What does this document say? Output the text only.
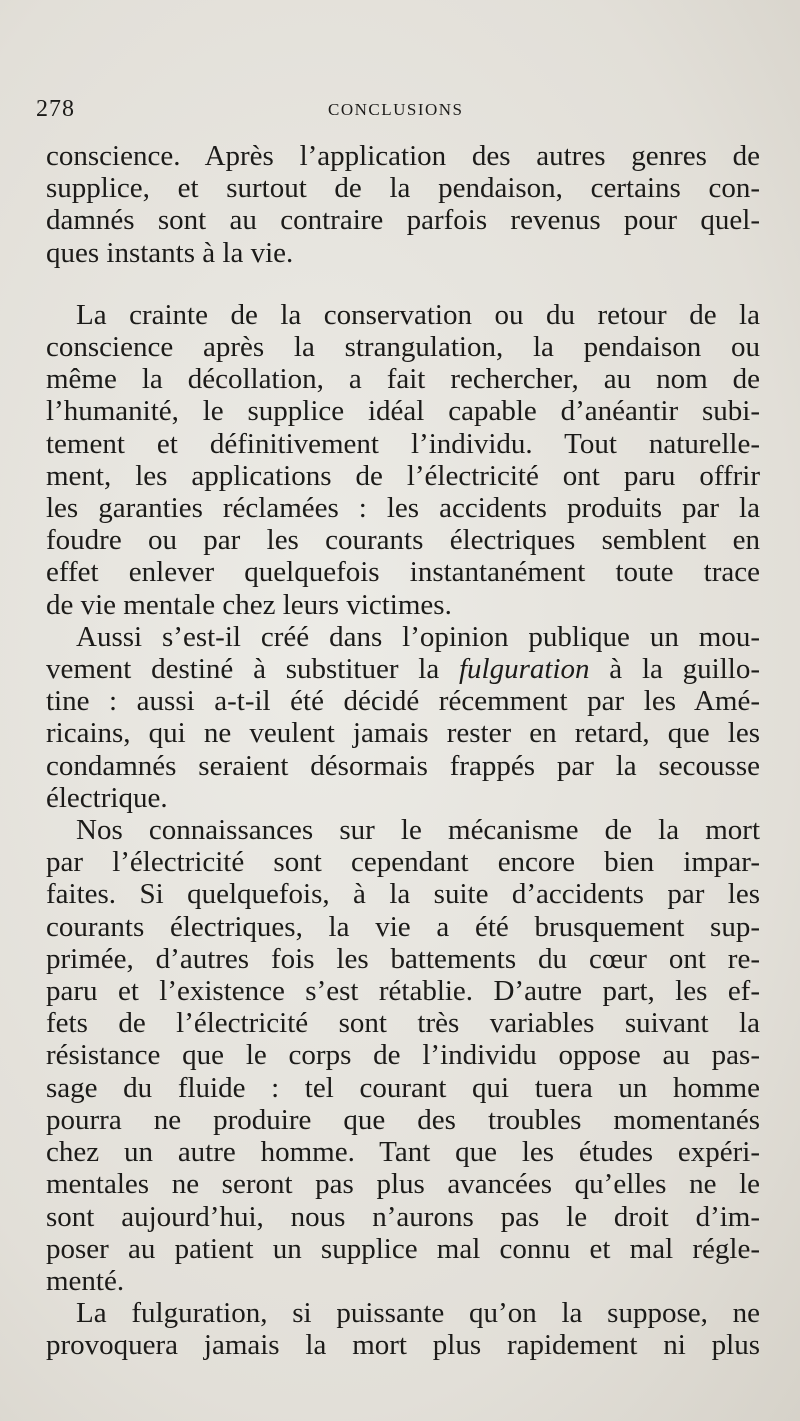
278	CONCLUSIONS
conscience. Après l’application des autres genres de
supplice, et surtout de la pendaison, certains con-
damnés sont au contraire parfois revenus pour quel-
ques instants à la vie.
La crainte de la conservation ou du retour de la
conscience après la strangulation, la pendaison ou
même la décollation, a fait rechercher, au nom de
l’humanité, le supplice idéal capable d’anéantir subi-
tement et définitivement l’individu. Tout naturelle-
ment, les applications de l’électricité ont paru offrir
les garanties réclamées : les accidents produits par la
foudre ou par les courants électriques semblent en
effet enlever quelquefois instantanément toute trace
de vie mentale chez leurs victimes.
Aussi s’est-il créé dans l’opinion publique un mou-
vement destiné à substituer la fulguration à la guillo-
tine : aussi a-t-il été décidé récemment par les Amé-
ricains, qui ne veulent jamais rester en retard, que les
condamnés seraient désormais frappés par la secousse
électrique.
Nos connaissances sur le mécanisme de la mort
par l’électricité sont cependant encore bien impar-
faites. Si quelquefois, à la suite d’accidents par les
courants électriques, la vie a été brusquement sup-
primée, d’autres fois les battements du cœur ont re-
paru et l’existence s’est rétablie. D’autre part, les ef-
fets de l’électricité sont très variables suivant la
résistance que le corps de l’individu oppose au pas-
sage du fluide : tel courant qui tuera un homme
pourra ne produire que des troubles momentanés
chez un autre homme. Tant que les études expéri-
mentales ne seront pas plus avancées qu’elles ne le
sont aujourd’hui, nous n’aurons pas le droit d’im-
poser au patient un supplice mal connu et mal régle-
menté.
La fulguration, si puissante qu’on la suppose, ne
provoquera jamais la mort plus rapidement ni plus
